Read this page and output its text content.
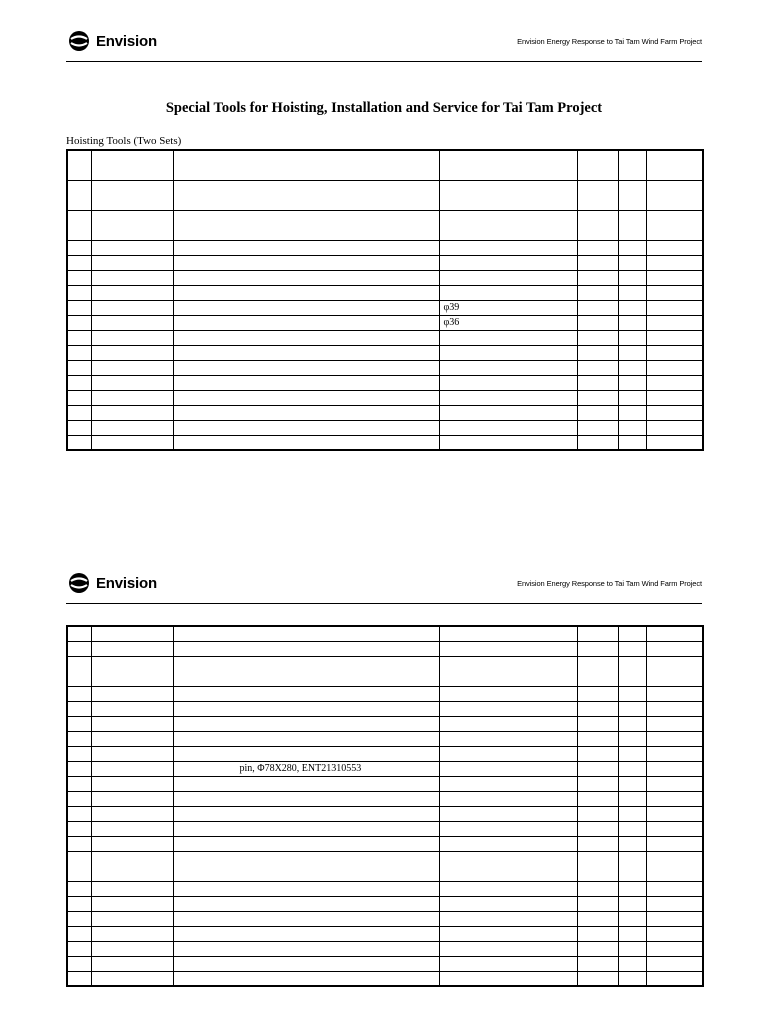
Envision	Envision Energy Response to Tai Tam Wind Farm Project
Special Tools for Hoisting, Installation and Service for Tai Tam Project
Hoisting Tools (Two Sets)

			φ39			
			φ36			

Envision	Envision Energy Response to Tai Tam Wind Farm Project

		pin, Φ78X280, ENT21310553				
